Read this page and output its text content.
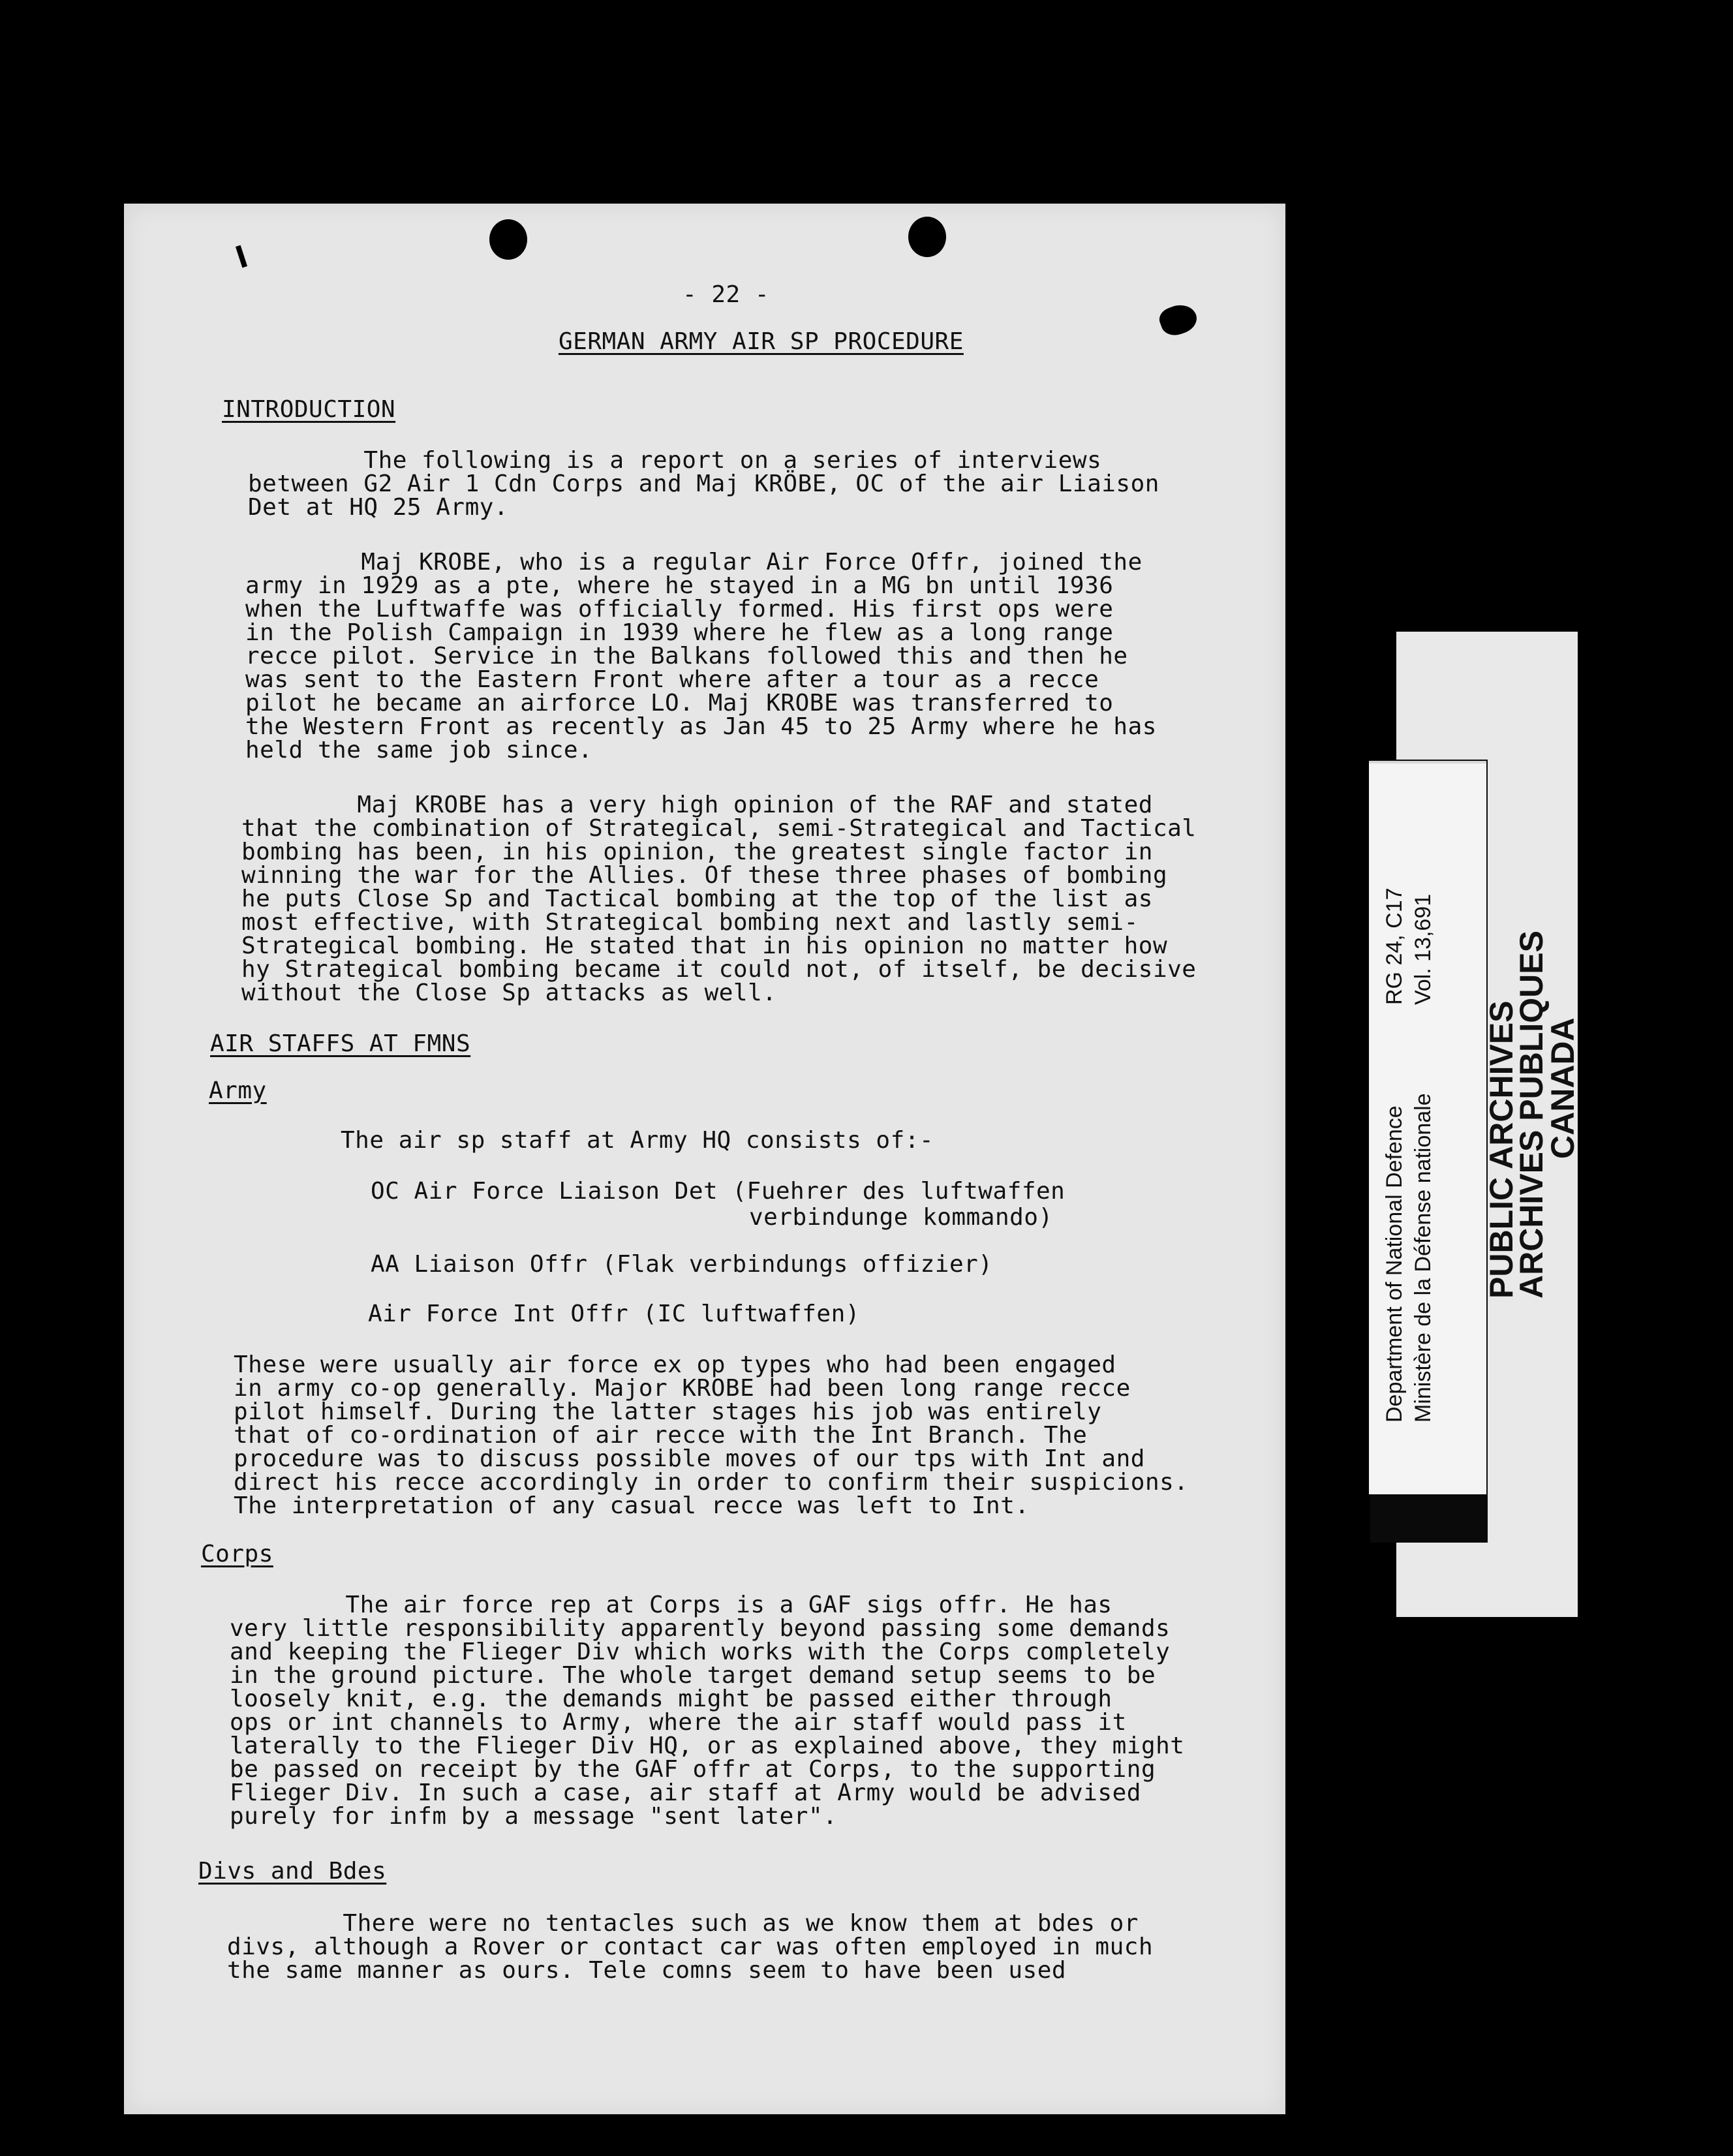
- 22 -
GERMAN ARMY AIR SP PROCEDURE
INTRODUCTION
The following is a report on a series of interviews
between G2 Air 1 Cdn Corps and Maj KRÖBE, OC of the air Liaison
Det at HQ 25 Army.
Maj KROBE, who is a regular Air Force Offr, joined the
army in 1929 as a pte, where he stayed in a MG bn until 1936
when the Luftwaffe was officially formed. His first ops were
in the Polish Campaign in 1939 where he flew as a long range
recce pilot. Service in the Balkans followed this and then he
was sent to the Eastern Front where after a tour as a recce
pilot he became an airforce LO. Maj KROBE was transferred to
the Western Front as recently as Jan 45 to 25 Army where he has
held the same job since.
Maj KROBE has a very high opinion of the RAF and stated
that the combination of Strategical, semi-Strategical and Tactical
bombing has been, in his opinion, the greatest single factor in
winning the war for the Allies. Of these three phases of bombing
he puts Close Sp and Tactical bombing at the top of the list as
most effective, with Strategical bombing next and lastly semi-
Strategical bombing. He stated that in his opinion no matter how
hy Strategical bombing became it could not, of itself, be decisive
without the Close Sp attacks as well.
AIR STAFFS AT FMNS
Army
The air sp staff at Army HQ consists of:-
OC Air Force Liaison Det (Fuehrer des luftwaffen
verbindunge kommando)
AA Liaison Offr (Flak verbindungs offizier)
Air Force Int Offr (IC luftwaffen)
These were usually air force ex op types who had been engaged
in army co-op generally. Major KROBE had been long range recce
pilot himself. During the latter stages his job was entirely
that of co-ordination of air recce with the Int Branch. The
procedure was to discuss possible moves of our tps with Int and
direct his recce accordingly in order to confirm their suspicions.
The interpretation of any casual recce was left to Int.
Corps
The air force rep at Corps is a GAF sigs offr. He has
very little responsibility apparently beyond passing some demands
and keeping the Flieger Div which works with the Corps completely
in the ground picture. The whole target demand setup seems to be
loosely knit, e.g. the demands might be passed either through
ops or int channels to Army, where the air staff would pass it
laterally to the Flieger Div HQ, or as explained above, they might
be passed on receipt by the GAF offr at Corps, to the supporting
Flieger Div. In such a case, air staff at Army would be advised
purely for infm by a message "sent later".
Divs and Bdes
There were no tentacles such as we know them at bdes or
divs, although a Rover or contact car was often employed in much
the same manner as ours. Tele comns seem to have been used
Department of National Defence Ministère de la Défense nationale
RG 24, C17 Vol. 13,691
PUBLIC ARCHIVES
ARCHIVES PUBLIQUES
CANADA
